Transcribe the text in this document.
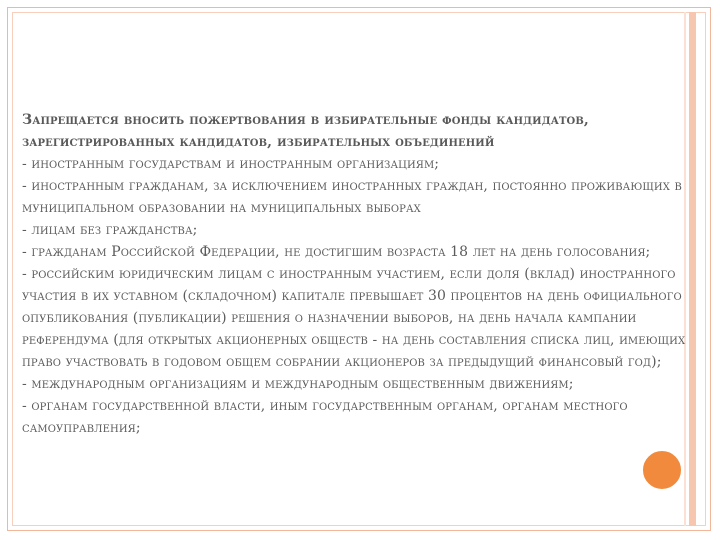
Запрещается вносить пожертвования в избирательные фонды кандидатов, зарегистрированных кандидатов, избирательных объединений
- иностранным государствам и иностранным организациям;
- иностранным гражданам, за исключением иностранных граждан, постоянно проживающих в муниципальном образовании на муниципальных выборах
- лицам без гражданства;
- гражданам Российской Федерации, не достигшим возраста 18 лет на день голосования;
- российским юридическим лицам с иностранным участием, если доля (вклад) иностранного участия в их уставном (складочном) капитале превышает 30 процентов на день официального опубликования (публикации) решения о назначении выборов, на день начала кампании референдума (для открытых акционерных обществ - на день составления списка лиц, имеющих право участвовать в годовом общем собрании акционеров за предыдущий финансовый год);
- международным организациям и международным общественным движениям;
- органам государственной власти, иным государственным органам, органам местного самоуправления;
